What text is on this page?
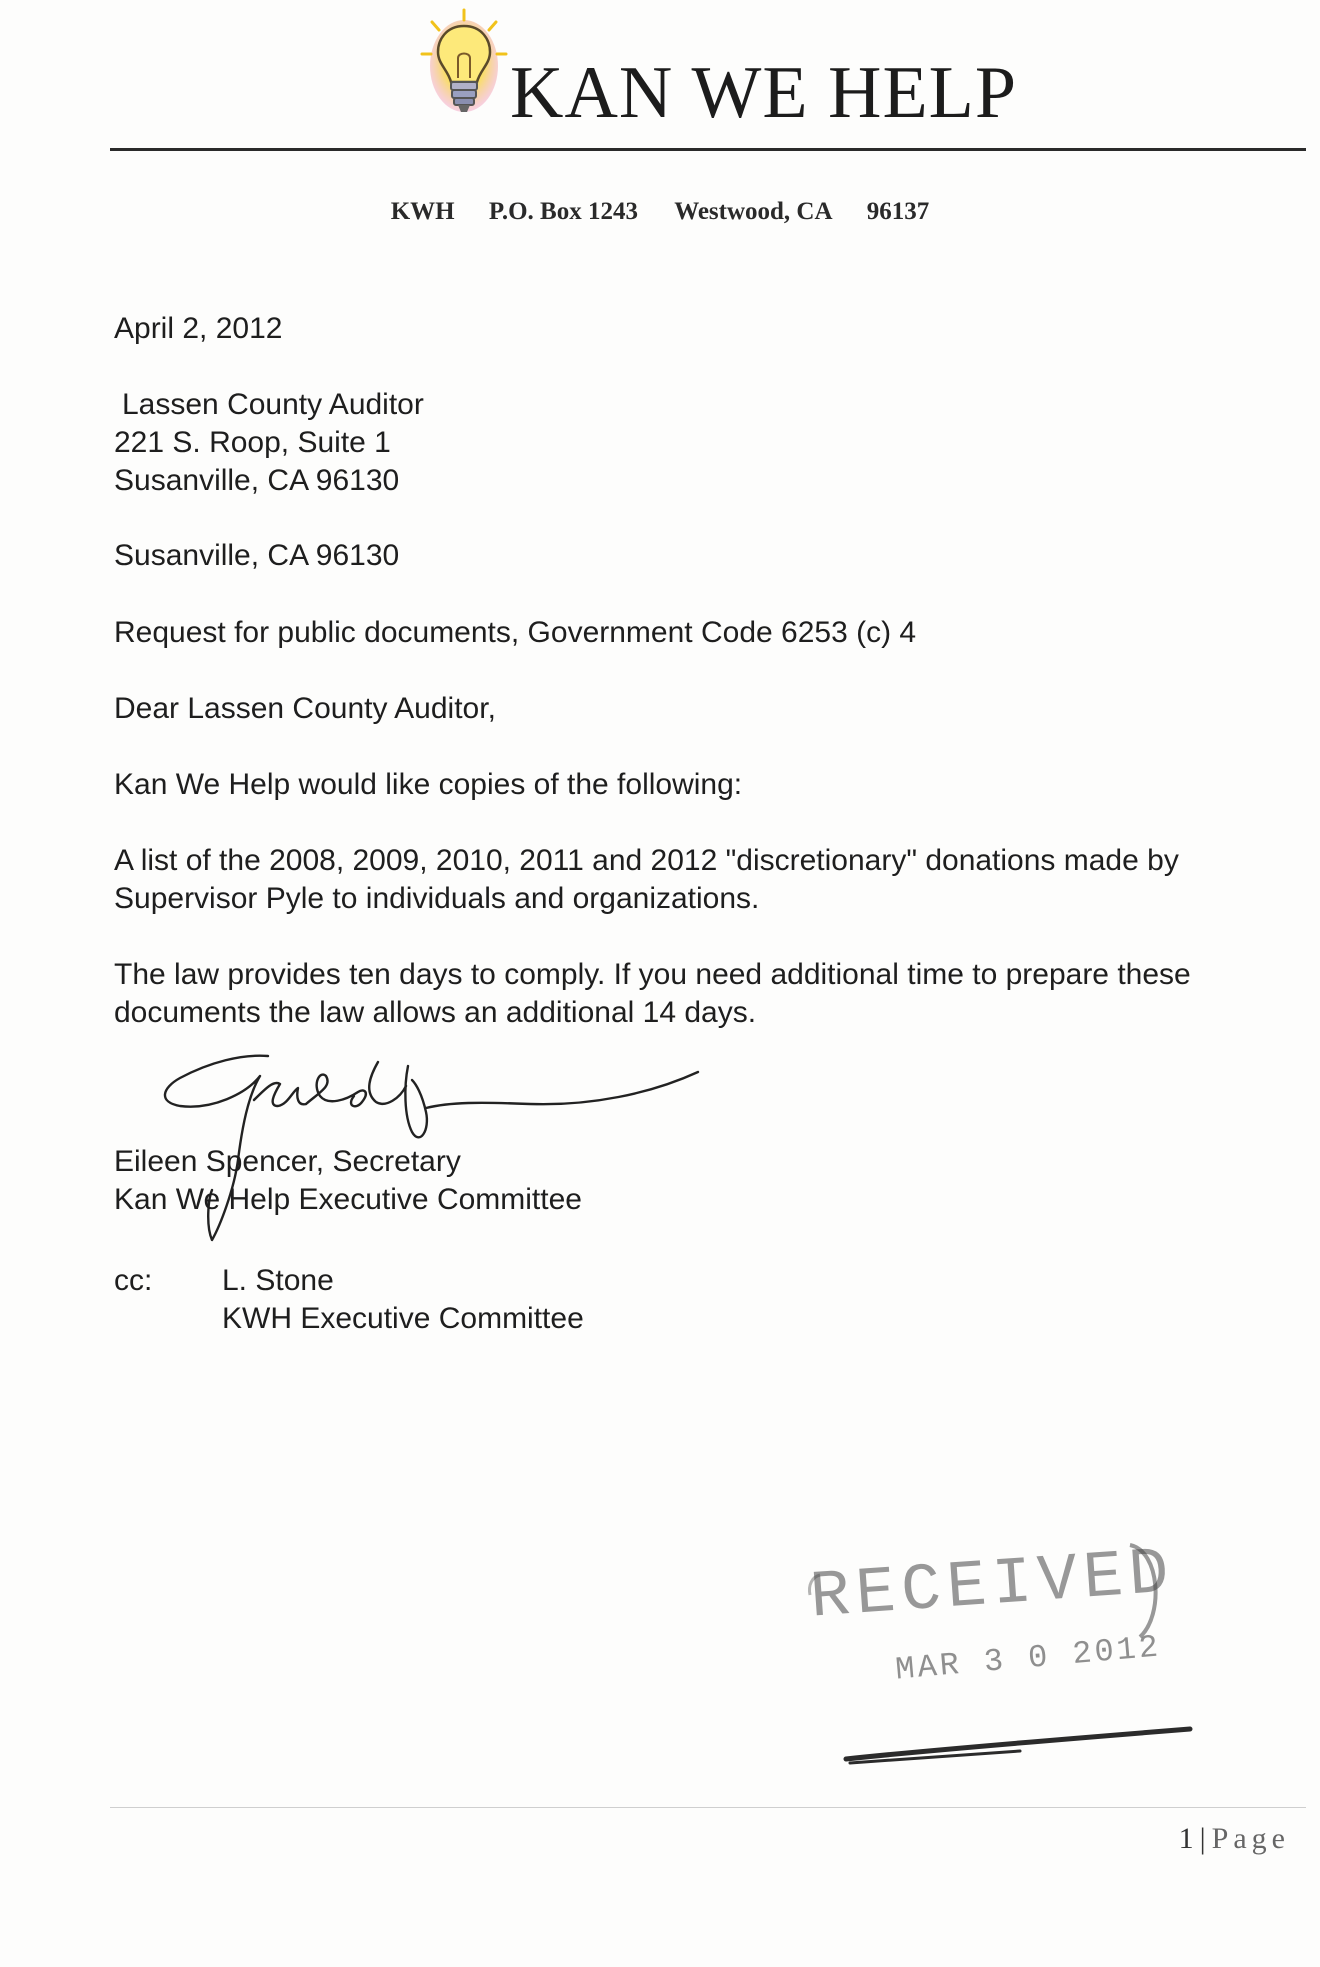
KAN WE HELP
KWH P.O. Box 1243 Westwood, CA 96137
April 2, 2012
Lassen County Auditor
221 S. Roop, Suite 1
Susanville, CA 96130
Susanville, CA 96130
Request for public documents, Government Code 6253 (c) 4
Dear Lassen County Auditor,
Kan We Help would like copies of the following:
A list of the 2008, 2009, 2010, 2011 and 2012 "discretionary" donations made by
Supervisor Pyle to individuals and organizations.
The law provides ten days to comply. If you need additional time to prepare these
documents the law allows an additional 14 days.
Eileen Spencer, Secretary
Kan We Help Executive Committee
cc: L. Stone
KWH Executive Committee
RECEIVED
MAR 3 0 2012
1 | Page
